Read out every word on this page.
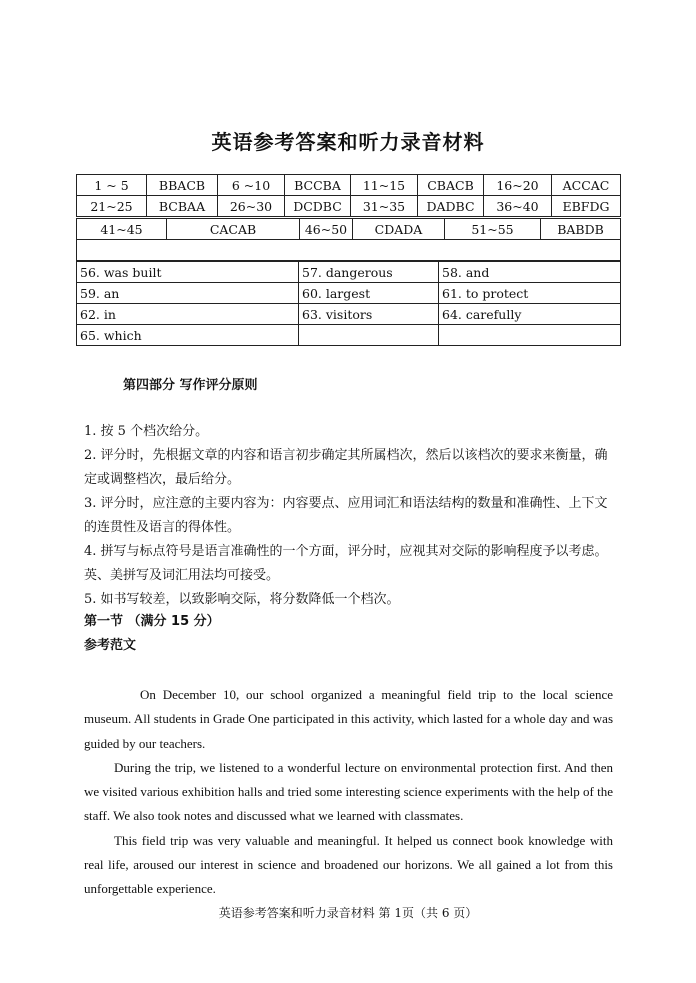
英语参考答案和听力录音材料
1 ~ 5	BBACB	6 ~10	BCCBA	11~15	CBACB	16~20	ACCAC
21~25	BCBAA	26~30	DCDBC	31~35	DADBC	36~40	EBFDG
41~45	CACAB	46~50	CDADA	51~55	BABDB

56. was built	57. dangerous	58. and
59. an	60. largest	61. to protect
62. in	63. visitors	64. carefully
65. which		
第四部分 写作评分原则

1. 按 5 个档次给分。

2. 评分时，先根据文章的内容和语言初步确定其所属档次，然后以该档次的要求来衡量，确定或调整档次，最后给分。

3. 评分时，应注意的主要内容为：内容要点、应用词汇和语法结构的数量和准确性、上下文的连贯性及语言的得体性。

4. 拼写与标点符号是语言准确性的一个方面，评分时，应视其对交际的影响程度予以考虑。英、美拼写及词汇用法均可接受。

5. 如书写较差，以致影响交际，将分数降低一个档次。

第一节 （满分 15 分）
参考范文

On December 10, our school organized a meaningful field trip to the local science museum. All students in Grade One participated in this activity, which lasted for a whole day and was guided by our teachers.

During the trip, we listened to a wonderful lecture on environmental protection first. And then we visited various exhibition halls and tried some interesting science experiments with the help of the staff. We also took notes and discussed what we learned with classmates.

This field trip was very valuable and meaningful. It helped us connect book knowledge with real life, aroused our interest in science and broadened our horizons. We all gained a lot from this unforgettable experience.

英语参考答案和听力录音材料 第 1页（共 6 页）
